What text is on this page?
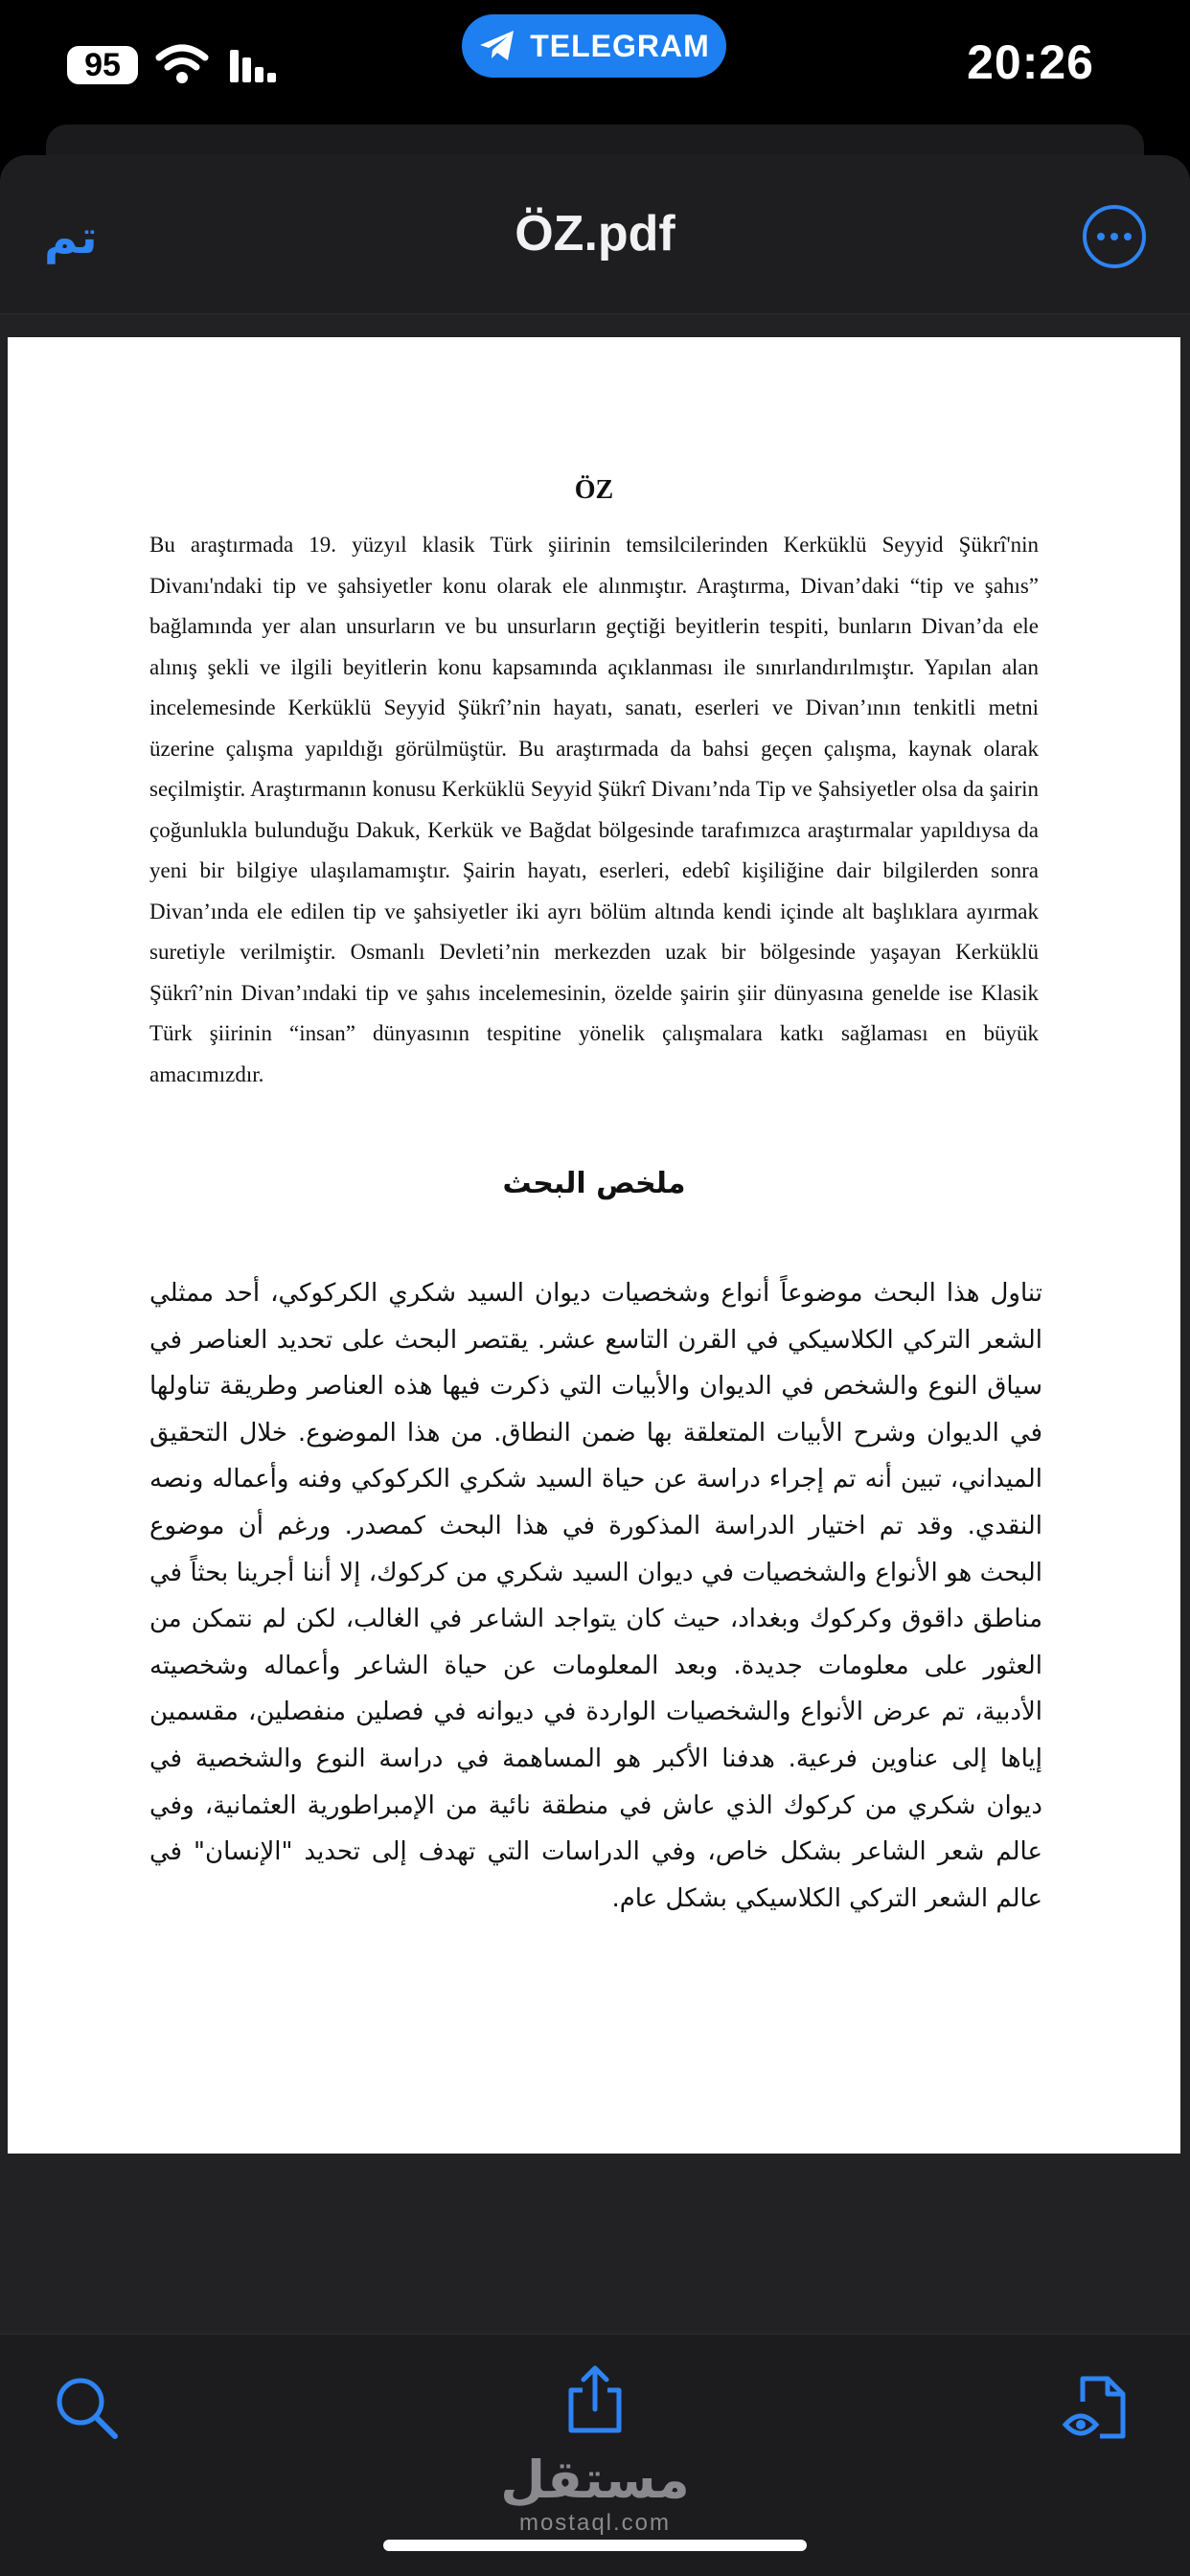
95
TELEGRAM	20:26
تم	ÖZ.pdf
ÖZ
Bu araştırmada 19. yüzyıl klasik Türk şiirinin temsilcilerinden Kerküklü Seyyid Şükrî'nin Divanı'ndaki tip ve şahsiyetler konu olarak ele alınmıştır. Araştırma, Divan’daki “tip ve şahıs” bağlamında yer alan unsurların ve bu unsurların geçtiği beyitlerin tespiti, bunların Divan’da ele alınış şekli ve ilgili beyitlerin konu kapsamında açıklanması ile sınırlandırılmıştır. Yapılan alan incelemesinde Kerküklü Seyyid Şükrî’nin hayatı, sanatı, eserleri ve Divan’ının tenkitli metni üzerine çalışma yapıldığı görülmüştür. Bu araştırmada da bahsi geçen çalışma, kaynak olarak seçilmiştir. Araştırmanın konusu Kerküklü Seyyid Şükrî Divanı’nda Tip ve Şahsiyetler olsa da şairin çoğunlukla bulunduğu Dakuk, Kerkük ve Bağdat bölgesinde tarafımızca araştırmalar yapıldıysa da yeni bir bilgiye ulaşılamamıştır. Şairin hayatı, eserleri, edebî kişiliğine dair bilgilerden sonra Divan’ında ele edilen tip ve şahsiyetler iki ayrı bölüm altında kendi içinde alt başlıklara ayırmak suretiyle verilmiştir. Osmanlı Devleti’nin merkezden uzak bir bölgesinde yaşayan Kerküklü Şükrî’nin Divan’ındaki tip ve şahıs incelemesinin, özelde şairin şiir dünyasına genelde ise Klasik Türk şiirinin “insan” dünyasının tespitine yönelik çalışmalara katkı sağlaması en büyük amacımızdır.
ملخص البحث
تناول هذا البحث موضوعاً أنواع وشخصيات ديوان السيد شكري الكركوكي، أحد ممثلي الشعر التركي الكلاسيكي في القرن التاسع عشر. يقتصر البحث على تحديد العناصر في سياق النوع والشخص في الديوان والأبيات التي ذكرت فيها هذه العناصر وطريقة تناولها في الديوان وشرح الأبيات المتعلقة بها ضمن النطاق. من هذا الموضوع. خلال التحقيق الميداني، تبين أنه تم إجراء دراسة عن حياة السيد شكري الكركوكي وفنه وأعماله ونصه النقدي. وقد تم اختيار الدراسة المذكورة في هذا البحث كمصدر. ورغم أن موضوع البحث هو الأنواع والشخصيات في ديوان السيد شكري من كركوك، إلا أننا أجرينا بحثاً في مناطق داقوق وكركوك وبغداد، حيث كان يتواجد الشاعر في الغالب، لكن لم نتمكن من العثور على معلومات جديدة. وبعد المعلومات عن حياة الشاعر وأعماله وشخصيته الأدبية، تم عرض الأنواع والشخصيات الواردة في ديوانه في فصلين منفصلين، مقسمين إياها إلى عناوين فرعية. هدفنا الأكبر هو المساهمة في دراسة النوع والشخصية في ديوان شكري من كركوك الذي عاش في منطقة نائية من الإمبراطورية العثمانية، وفي عالم شعر الشاعر بشكل خاص، وفي الدراسات التي تهدف إلى تحديد "الإنسان" في عالم الشعر التركي الكلاسيكي بشكل عام.
مستقل
mostaql.com
